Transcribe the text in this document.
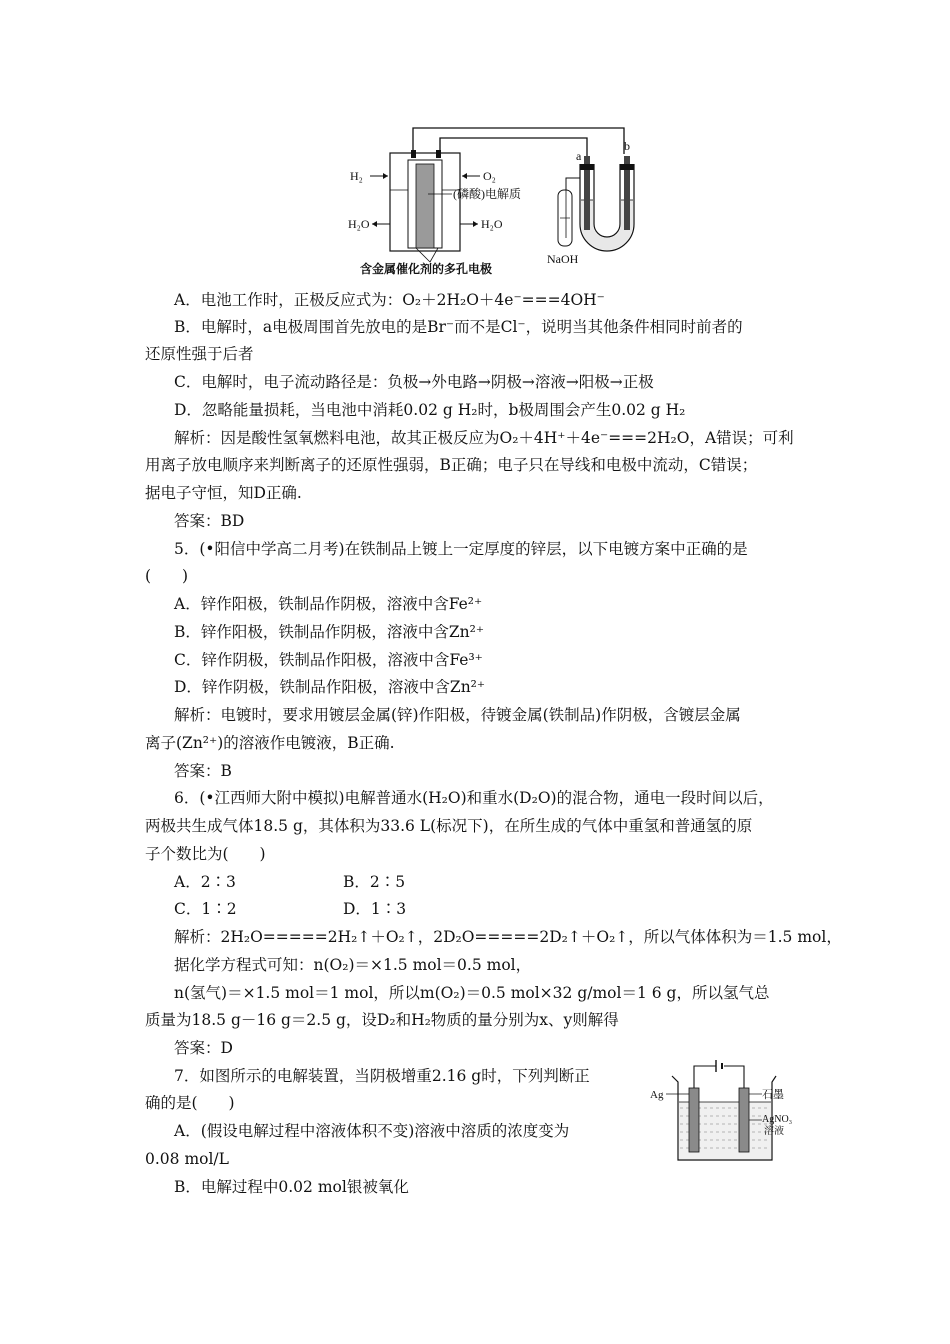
H₂	O₂
(磷酸)电解质
H₂O	H₂O
含金属催化剂的多孔电极
a
b
NaOH
A．电池工作时，正极反应式为：O₂＋2H₂O＋4e⁻===4OH⁻
B．电解时，a电极周围首先放电的是Br⁻而不是Cl⁻，说明当其他条件相同时前者的
还原性强于后者
C．电解时，电子流动路径是：负极→外电路→阴极→溶液→阳极→正极
D．忽略能量损耗，当电池中消耗0.02 g H₂时，b极周围会产生0.02 g H₂
解析：因是酸性氢氧燃料电池，故其正极反应为O₂＋4H⁺＋4e⁻===2H₂O，A错误；可利
用离子放电顺序来判断离子的还原性强弱，B正确；电子只在导线和电极中流动，C错误；
据电子守恒，知D正确.
答案：BD
5．(•阳信中学高二月考)在铁制品上镀上一定厚度的锌层，以下电镀方案中正确的是
(　　)
A．锌作阳极，铁制品作阴极，溶液中含Fe²⁺
B．锌作阳极，铁制品作阴极，溶液中含Zn²⁺
C．锌作阴极，铁制品作阳极，溶液中含Fe³⁺
D．锌作阴极，铁制品作阳极，溶液中含Zn²⁺
解析：电镀时，要求用镀层金属(锌)作阳极，待镀金属(铁制品)作阴极，含镀层金属
离子(Zn²⁺)的溶液作电镀液，B正确.
答案：B
6．(•江西师大附中模拟)电解普通水(H₂O)和重水(D₂O)的混合物，通电一段时间以后，
两极共生成气体18.5 g，其体积为33.6 L(标况下)，在所生成的气体中重氢和普通氢的原
子个数比为(　　)
A．2∶3	B．2∶5
C．1∶2	D．1∶3
解析：2H₂O=====2H₂↑＋O₂↑，2D₂O=====2D₂↑＋O₂↑，所以气体体积为＝1.5 mol，
据化学方程式可知：n(O₂)＝×1.5 mol＝0.5 mol，
n(氢气)＝×1.5 mol＝1 mol，所以m(O₂)＝0.5 mol×32 g/mol＝1 6 g，所以氢气总
质量为18.5 g－16 g＝2.5 g，设D₂和H₂物质的量分别为x、y则解得
答案：D
7．如图所示的电解装置，当阴极增重2.16 g时，下列判断正
确的是(　　)
A．(假设电解过程中溶液体积不变)溶液中溶质的浓度变为
0.08 mol/L
B．电解过程中0.02 mol银被氧化
Ag	石墨
AgNO₃
溶液
